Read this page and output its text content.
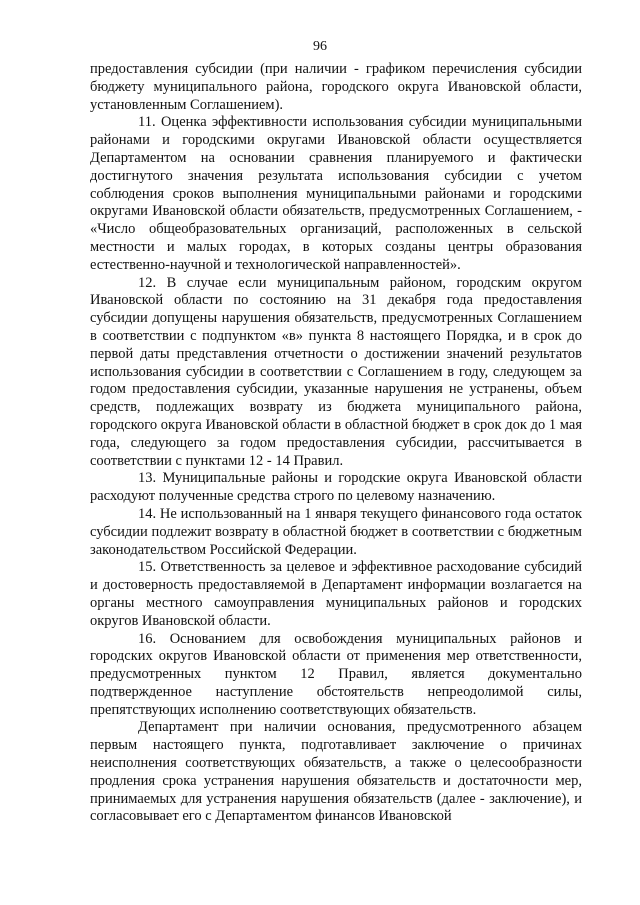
96

предоставления субсидии (при наличии - графиком перечисления субсидии бюджету муниципального района, городского округа Ивановской области, установленным Соглашением).

11. Оценка эффективности использования субсидии муниципальными районами и городскими округами Ивановской области осуществляется Департаментом на основании сравнения планируемого и фактически достигнутого значения результата использования субсидии с учетом соблюдения сроков выполнения муниципальными районами и городскими округами Ивановской области обязательств, предусмотренных Соглашением, - «Число общеобразовательных организаций, расположенных в сельской местности и малых городах, в которых созданы центры образования естественно-научной и технологической направленностей».

12. В случае если муниципальным районом, городским округом Ивановской области по состоянию на 31 декабря года предоставления субсидии допущены нарушения обязательств, предусмотренных Соглашением в соответствии с подпунктом «в» пункта 8 настоящего Порядка, и в срок до первой даты представления отчетности о достижении значений результатов использования субсидии в соответствии с Соглашением в году, следующем за годом предоставления субсидии, указанные нарушения не устранены, объем средств, подлежащих возврату из бюджета муниципального района, городского округа Ивановской области в областной бюджет в срок док до 1 мая года, следующего за годом предоставления субсидии, рассчитывается в соответствии с пунктами 12 - 14 Правил.

13. Муниципальные районы и городские округа Ивановской области расходуют полученные средства строго по целевому назначению.

14. Не использованный на 1 января текущего финансового года остаток субсидии подлежит возврату в областной бюджет в соответствии с бюджетным законодательством Российской Федерации.

15. Ответственность за целевое и эффективное расходование субсидий и достоверность предоставляемой в Департамент информации возлагается на органы местного самоуправления муниципальных районов и городских округов Ивановской области.

16. Основанием для освобождения муниципальных районов и городских округов Ивановской области от применения мер ответственности, предусмотренных пунктом 12 Правил, является документально подтвержденное наступление обстоятельств непреодолимой силы, препятствующих исполнению соответствующих обязательств.

Департамент при наличии основания, предусмотренного абзацем первым настоящего пункта, подготавливает заключение о причинах неисполнения соответствующих обязательств, а также о целесообразности продления срока устранения нарушения обязательств и достаточности мер, принимаемых для устранения нарушения обязательств (далее - заключение), и согласовывает его с Департаментом финансов Ивановской
